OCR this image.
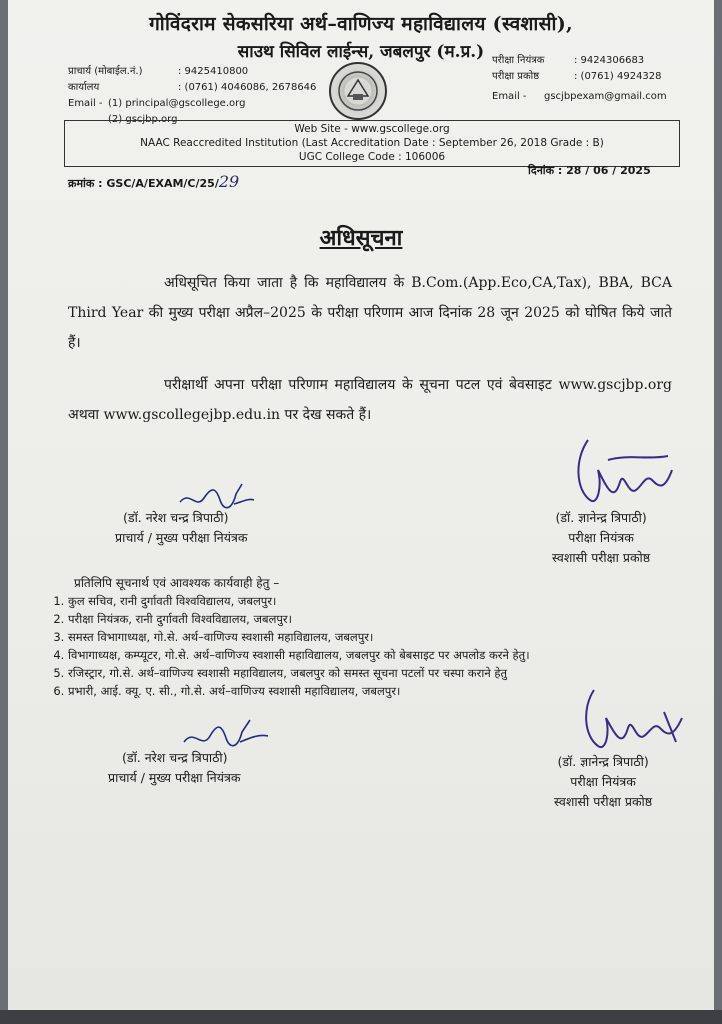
गोविंदराम सेकसरिया अर्थ–वाणिज्य महाविद्यालय (स्वशासी),
साउथ सिविल लाईन्स, जबलपुर (म.प्र.)
प्राचार्य (मोबाईल.नं.)	: 9425410800
कार्यालय	: (0761) 4046086, 2678646
Email - (1) principal@gscollege.org
(2) gscjbp.org
परीक्षा नियंत्रक	: 9424306683
परीक्षा प्रकोष्ठ	: (0761) 4924328
Email - gscjbpexam@gmail.com
Web Site - www.gscollege.org
NAAC Reaccredited Institution (Last Accreditation Date : September 26, 2018 Grade : B)
UGC College Code : 106006
क्रमांक : GSC/A/EXAM/C/25/29
दिनांक : 28 / 06 / 2025
अधिसूचना
अधिसूचित किया जाता है कि महाविद्यालय के B.Com.(App.Eco,CA,Tax), BBA, BCA Third Year की मुख्य परीक्षा अप्रैल–2025 के परीक्षा परिणाम आज दिनांक 28 जून 2025 को घोषित किये जाते हैं।
परीक्षार्थी अपना परीक्षा परिणाम महाविद्यालय के सूचना पटल एवं बेवसाइट www.gscjbp.org अथवा www.gscollegejbp.edu.in पर देख सकते हैं।
(डॉ. नरेश चन्द्र त्रिपाठी)
प्राचार्य / मुख्य परीक्षा नियंत्रक
(डॉ. ज्ञानेन्द्र त्रिपाठी)
परीक्षा नियंत्रक
स्वशासी परीक्षा प्रकोष्ठ
प्रतिलिपि सूचनार्थ एवं आवश्यक कार्यवाही हेतु –
1. कुल सचिव, रानी दुर्गावती विश्वविद्यालय, जबलपुर।
2. परीक्षा नियंत्रक, रानी दुर्गावती विश्वविद्यालय, जबलपुर।
3. समस्त विभागाध्यक्ष, गो.से. अर्थ–वाणिज्य स्वशासी महाविद्यालय, जबलपुर।
4. विभागाध्यक्ष, कम्प्यूटर, गो.से. अर्थ–वाणिज्य स्वशासी महाविद्यालय, जबलपुर को बेबसाइट पर अपलोड करने हेतु।
5. रजिस्ट्रार, गो.से. अर्थ–वाणिज्य स्वशासी महाविद्यालय, जबलपुर को समस्त सूचना पटलों पर चस्पा कराने हेतु
6. प्रभारी, आई. क्यू. ए. सी., गो.से. अर्थ–वाणिज्य स्वशासी महाविद्यालय, जबलपुर।
(डॉ. नरेश चन्द्र त्रिपाठी)
प्राचार्य / मुख्य परीक्षा नियंत्रक
(डॉ. ज्ञानेन्द्र त्रिपाठी)
परीक्षा नियंत्रक
स्वशासी परीक्षा प्रकोष्ठ
